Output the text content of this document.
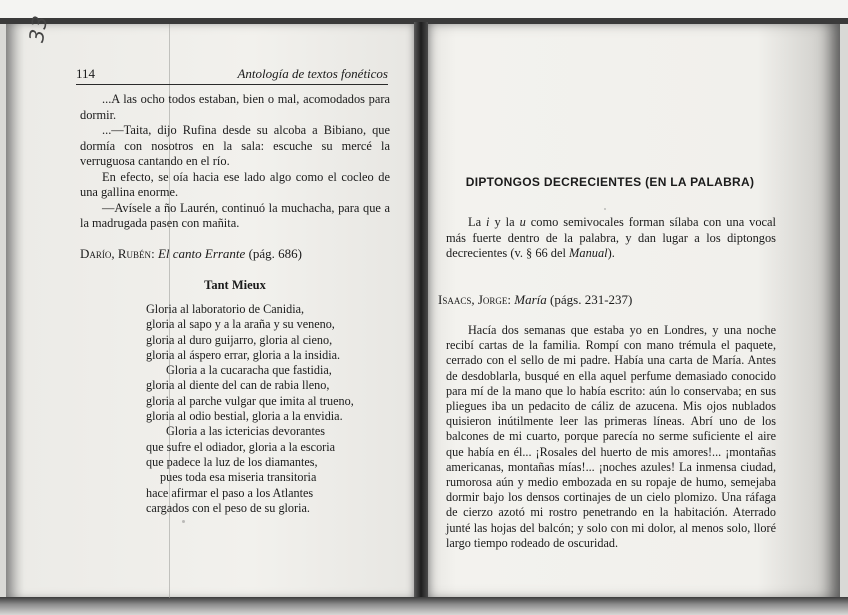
33
114	Antología de textos fonéticos

...A las ocho todos estaban, bien o mal, acomodados para dormir.

...—Taita, dijo Rufina desde su alcoba a Bibiano, que dormía con nosotros en la sala: escuche su mercé la verruguosa cantando en el río.

En efecto, se oía hacia ese lado algo como el cocleo de una gallina enorme.

—Avísele a ño Laurén, continuó la muchacha, para que a la madrugada pasen con mañita.

Darío, Rubén: El canto Errante (pág. 686)
Tant Mieux
Gloria al laboratorio de Canidia,
gloria al sapo y a la araña y su veneno,
gloria al duro guijarro, gloria al cieno,
gloria al áspero errar, gloria a la insidia.
Gloria a la cucaracha que fastidia,
gloria al diente del can de rabia lleno,
gloria al parche vulgar que imita al trueno,
gloria al odio bestial, gloria a la envidia.
Gloria a las ictericias devorantes
que sufre el odiador, gloria a la escoria
que padece la luz de los diamantes,
pues toda esa miseria transitoria
hace afirmar el paso a los Atlantes
cargados con el peso de su gloria.
DIPTONGOS DECRECIENTES (EN LA PALABRA)

La i y la u como semivocales forman sílaba con una vocal más fuerte dentro de la palabra, y dan lugar a los diptongos decrecientes (v. § 66 del Manual).

Isaacs, Jorge: María (págs. 231-237)

Hacía dos semanas que estaba yo en Londres, y una noche recibí cartas de la familia. Rompí con mano trémula el paquete, cerrado con el sello de mi padre. Había una carta de María. Antes de desdoblarla, busqué en ella aquel perfume demasiado conocido para mí de la mano que lo había escrito: aún lo conservaba; en sus pliegues iba un pedacito de cáliz de azucena. Mis ojos nublados quisieron inútilmente leer las primeras líneas. Abrí uno de los balcones de mi cuarto, porque parecía no serme suficiente el aire que había en él... ¡Rosales del huerto de mis amores!... ¡montañas americanas, montañas mías!... ¡noches azules! La inmensa ciudad, rumorosa aún y medio embozada en su ropaje de humo, semejaba dormir bajo los densos cortinajes de un cielo plomizo. Una ráfaga de cierzo azotó mi rostro penetrando en la habitación. Aterrado junté las hojas del balcón; y solo con mi dolor, al menos solo, lloré largo tiempo rodeado de oscuridad.
